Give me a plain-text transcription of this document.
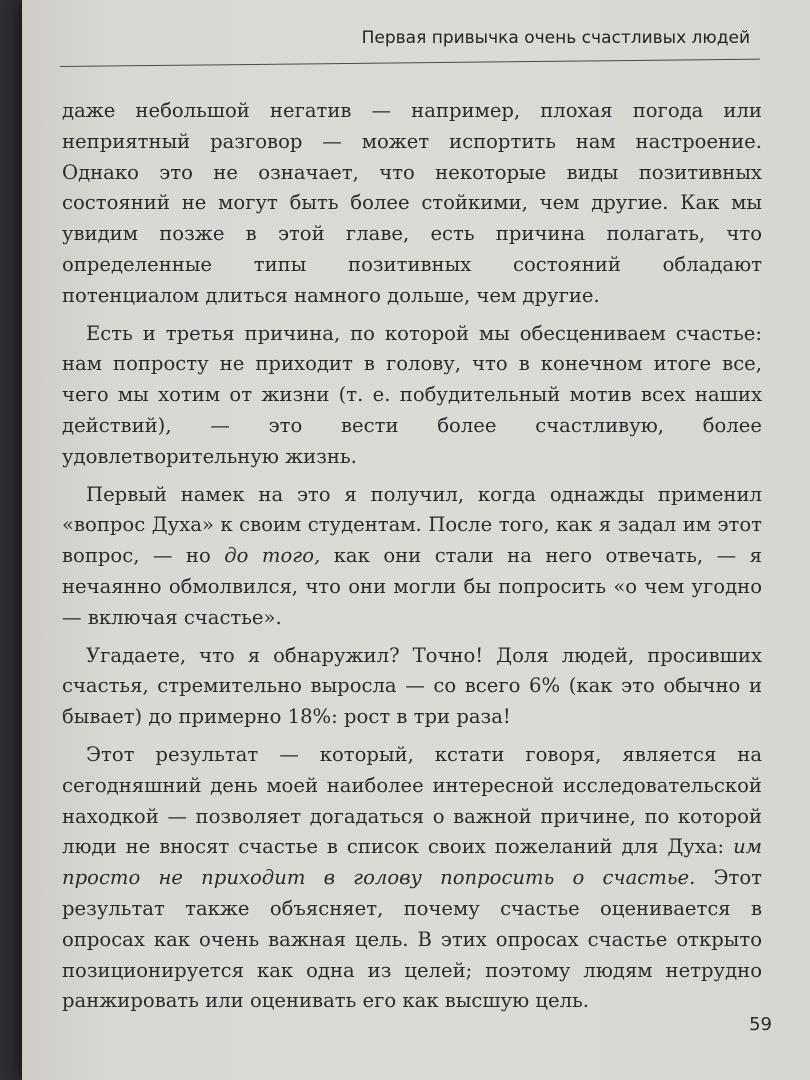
Первая привычка очень счастливых людей

даже небольшой негатив — например, плохая погода или неприятный разговор — может испортить нам настроение. Однако это не означает, что некоторые виды позитивных состояний не могут быть более стойкими, чем другие. Как мы увидим позже в этой главе, есть причина полагать, что определенные типы позитивных состояний обладают потенциалом длиться намного дольше, чем другие.

Есть и третья причина, по которой мы обесцениваем счастье: нам попросту не приходит в голову, что в конечном итоге все, чего мы хотим от жизни (т. е. побудительный мотив всех наших действий), — это вести более счастливую, более удовлетворительную жизнь.

Первый намек на это я получил, когда однажды применил «вопрос Духа» к своим студентам. После того, как я задал им этот вопрос, — но до того, как они стали на него отвечать, — я нечаянно обмолвился, что они могли бы попросить «о чем угодно — включая счастье».

Угадаете, что я обнаружил? Точно! Доля людей, просивших счастья, стремительно выросла — со всего 6% (как это обычно и бывает) до примерно 18%: рост в три раза!

Этот результат — который, кстати говоря, является на сегодняшний день моей наиболее интересной исследовательской находкой — позволяет догадаться о важной причине, по которой люди не вносят счастье в список своих пожеланий для Духа: им просто не приходит в голову попросить о счастье. Этот результат также объясняет, почему счастье оценивается в опросах как очень важная цель. В этих опросах счастье открыто позиционируется как одна из целей; поэтому людям нетрудно ранжировать или оценивать его как высшую цель.

59
